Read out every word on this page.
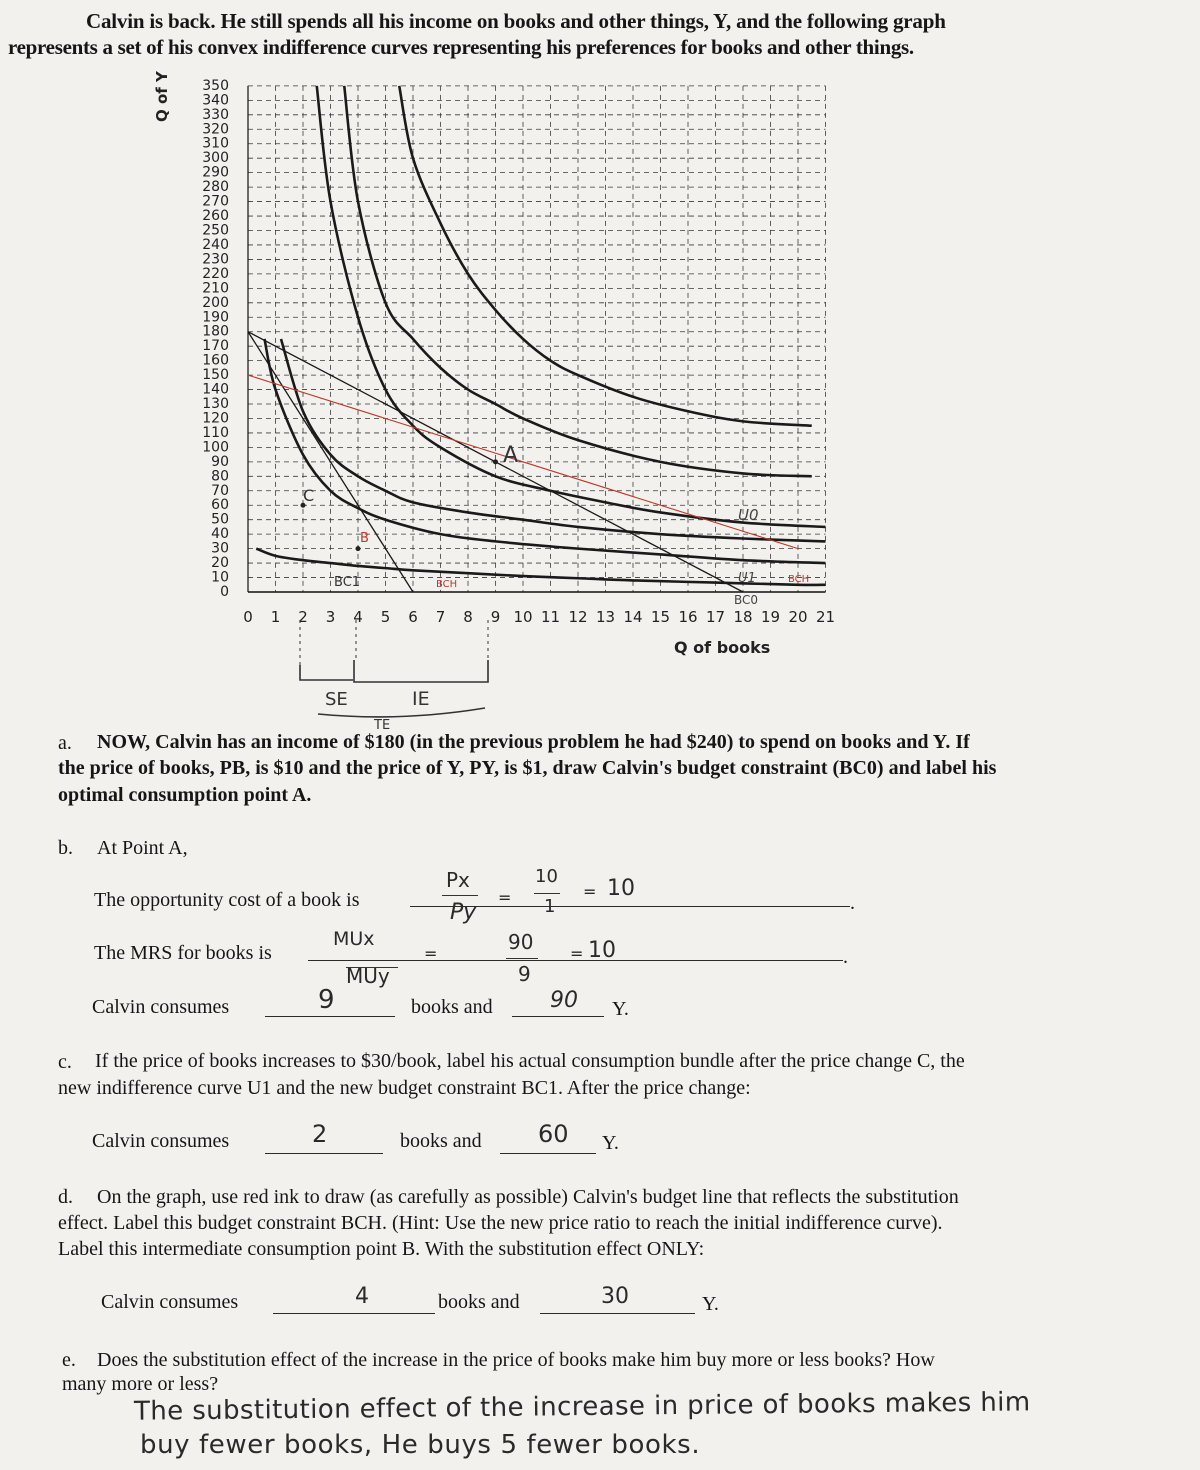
Calvin is back. He still spends all his income on books and other things, Y, and the following graph
represents a set of his convex indifference curves representing his preferences for books and other things.
350
340
330
320
310
300
290
280
270
260
250
240
230
220
210
200
190
180
170
160
150
140
130
120
110
100
90
80
70
60
50
40
30
20
10
0
0 1 2 3 4 5 6 7 8 9 10 11 12 13 14 15 16 17 18 19 20 21
Q of Y
Q of books
A
B
C
BC1	BCH
U0
U1
BC0
BCH
SE	IE
TE
a. NOW, Calvin has an income of $180 (in the previous problem he had $240) to spend on books and Y. If
the price of books, PB, is $10 and the price of Y, PY, is $1, draw Calvin's budget constraint (BC0) and label his
optimal consumption point A.
b. At Point A,
The opportunity cost of a book is	.
Px
Py
=
10
1
= 10
The MRS for books is	.
MUx
MUy
=	90
9
= 10
Calvin consumes	9	books and	90 Y.
c. If the price of books increases to $30/book, label his actual consumption bundle after the price change C, the
new indifference curve U1 and the new budget constraint BC1. After the price change:
Calvin consumes	2	books and 60 Y.
d. On the graph, use red ink to draw (as carefully as possible) Calvin's budget line that reflects the substitution
effect. Label this budget constraint BCH. (Hint: Use the new price ratio to reach the initial indifference curve).
Label this intermediate consumption point B. With the substitution effect ONLY:
Calvin consumes	4	books and	30	Y.
e. Does the substitution effect of the increase in the price of books make him buy more or less books? How
many more or less?
The substitution effect of the increase in price of books makes him
buy fewer books, He buys 5 fewer books.
